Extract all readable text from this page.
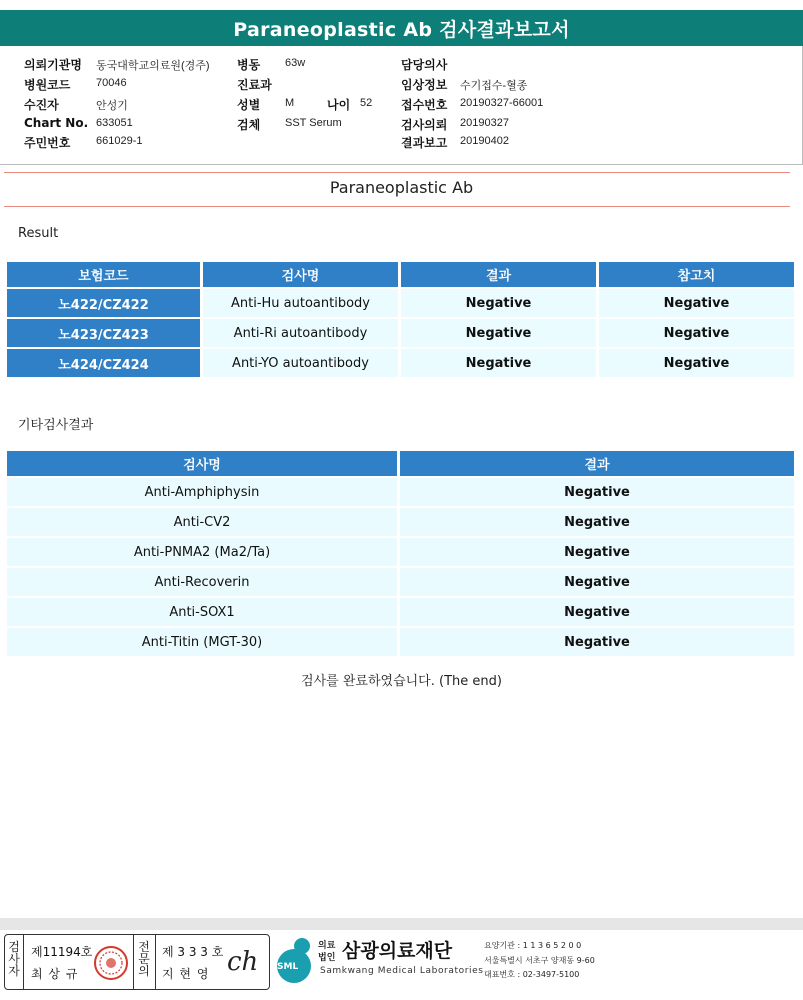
Paraneoplastic Ab 검사결과보고서
의뢰기관명 동국대학교의료원(경주)
병원코드 70046
수진자	안성기
Chart No. 633051
주민번호 661029-1
병동 63w
진료과
성별 M	나이 52
검체 SST Serum
담당의사
임상정보 수기접수-혈종
접수번호 20190327-66001
검사의뢰 20190327
결과보고 20190402
Paraneoplastic Ab
Result
보험코드	검사명	결과	참고치
노422/CZ422	Anti-Hu autoantibody	Negative	Negative
노423/CZ423	Anti-Ri autoantibody	Negative	Negative
노424/CZ424	Anti-YO autoantibody	Negative	Negative
기타검사결과
검사명	결과
Anti-Amphiphysin	Negative
Anti-CV2	Negative
Anti-PNMA2 (Ma2/Ta)	Negative
Anti-Recoverin	Negative
Anti-SOX1	Negative
Anti-Titin (MGT-30)	Negative
검사를 완료하였습니다. (The end)
검
사
자
제11194호
최 상 규
전
문
의
제 3 3 3 호
지 현 영 ch SML
의료
법인 삼광의료재단
Samkwang Medical Laboratories
요양기관 : 1 1 3 6 5 2 0 0
서울특별시 서초구 양재동 9-60
대표번호 : 02-3497-5100
